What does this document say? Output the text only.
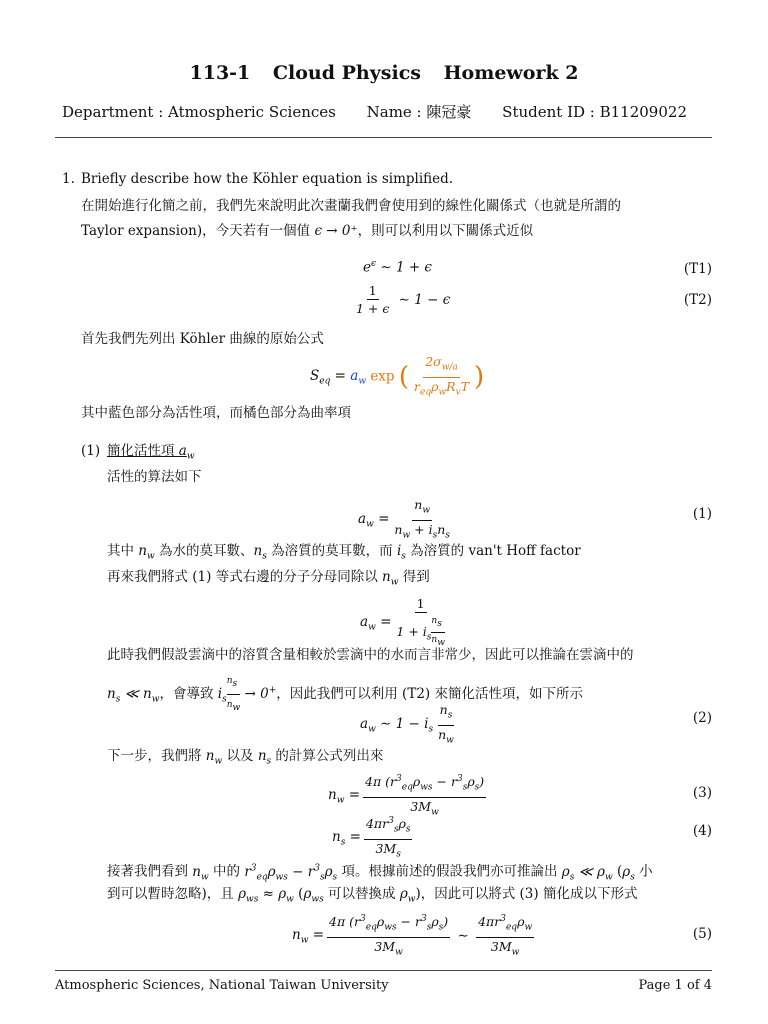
113-1 Cloud Physics Homework 2
Department : Atmospheric Sciences Name : 陳冠豪 Student ID : B11209022
1. Briefly describe how the Köhler equation is simplified.
在開始進行化簡之前，我們先來說明此次畫蘭我們會使用到的線性化關係式（也就是所謂的
Taylor expansion)，今天若有一個值 ϵ → 0⁺，則可以利用以下關係式近似
$e^\epsilon$ ∼ 1 + ϵ	(T1)
$\frac{1}{1 + \epsilon}$ ∼ 1 − ϵ	(T2)
首先我們先列出 Köhler 曲線的原始公式
$S_{eq} = a_w$ exp ( $\frac{2\sigma_{w/a}}{r_{eq}\rho_wR_vT}$ )
其中藍色部分為活性項，而橘色部分為曲率項
(1) 簡化活性項 $a_w$
活性的算法如下
$a_w = \frac{n_w}{n_w + i_sn_s}$	(1)
其中 $n_w$ 為水的莫耳數、$n_s$ 為溶質的莫耳數，而 $i_s$ 為溶質的 van't Hoff factor
再來我們將式 (1) 等式右邊的分子分母同除以 $n_w$ 得到
$a_w = \frac{1}{1 + i_s \frac{n_s}{n_w}}$
此時我們假設雲滴中的溶質含量相較於雲滴中的水而言非常少，因此可以推論在雲滴中的
$n_s$ ≪ $n_w$，會導致 $i_s \frac{n_s}{n_w} \to 0^+$，因此我們可以利用 (T2) 來簡化活性項，如下所示
$a_w$ ∼ $1 - i_s \frac{n_s}{n_w}$	(2)
下一步，我們將 $n_w$ 以及 $n_s$ 的計算公式列出來
$n_w = \frac{4\pi (r^3_{eq}\rho_{ws} - r^3_s\rho_s)}{3M_w}$	(3)
$n_s = \frac{4\pi r^3_s\rho_s}{3M_s}$	(4)
接著我們看到 $n_w$ 中的 $r^3_{eq}\rho_{ws} - r^3_s\rho_s$ 項。根據前述的假設我們亦可推論出 $\rho_s$ ≪ $\rho_w$ ($\rho_s$ 小
到可以暫時忽略)，且 $\rho_{ws} \approx \rho_w$ ($\rho_{ws}$ 可以替換成 $\rho_w$)，因此可以將式 (3) 簡化成以下形式
$n_w = \frac{4\pi (r^3_{eq}\rho_{ws} - r^3_s\rho_s)}{3M_w}$ ∼ $\frac{4\pi r^3_{eq}\rho_w}{3M_w}$	(5)
Atmospheric Sciences, National Taiwan University	Page 1 of 4
